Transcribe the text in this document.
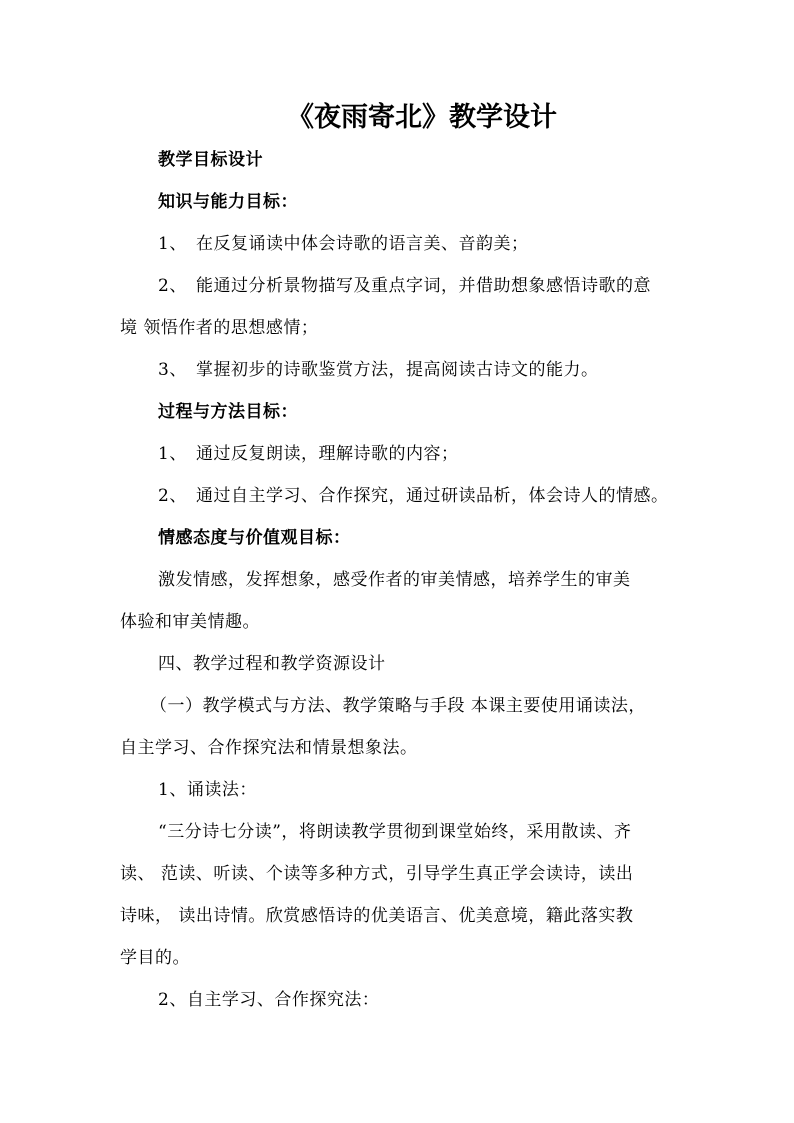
《夜雨寄北》教学设计
教学目标设计
知识与能力目标：
1、 在反复诵读中体会诗歌的语言美、音韵美；
2、 能通过分析景物描写及重点字词，并借助想象感悟诗歌的意
境 领悟作者的思想感情；
3、 掌握初步的诗歌鉴赏方法，提高阅读古诗文的能力。
过程与方法目标：
1、 通过反复朗读，理解诗歌的内容；
2、 通过自主学习、合作探究，通过研读品析，体会诗人的情感。
情感态度与价值观目标：
激发情感，发挥想象，感受作者的审美情感，培养学生的审美
体验和审美情趣。
四、教学过程和教学资源设计
（一）教学模式与方法、教学策略与手段 本课主要使用诵读法，
自主学习、合作探究法和情景想象法。
1、诵读法：
“三分诗七分读”，将朗读教学贯彻到课堂始终，采用散读、齐
读、 范读、听读、个读等多种方式，引导学生真正学会读诗，读出
诗味， 读出诗情。欣赏感悟诗的优美语言、优美意境，籍此落实教
学目的。
2、自主学习、合作探究法：
